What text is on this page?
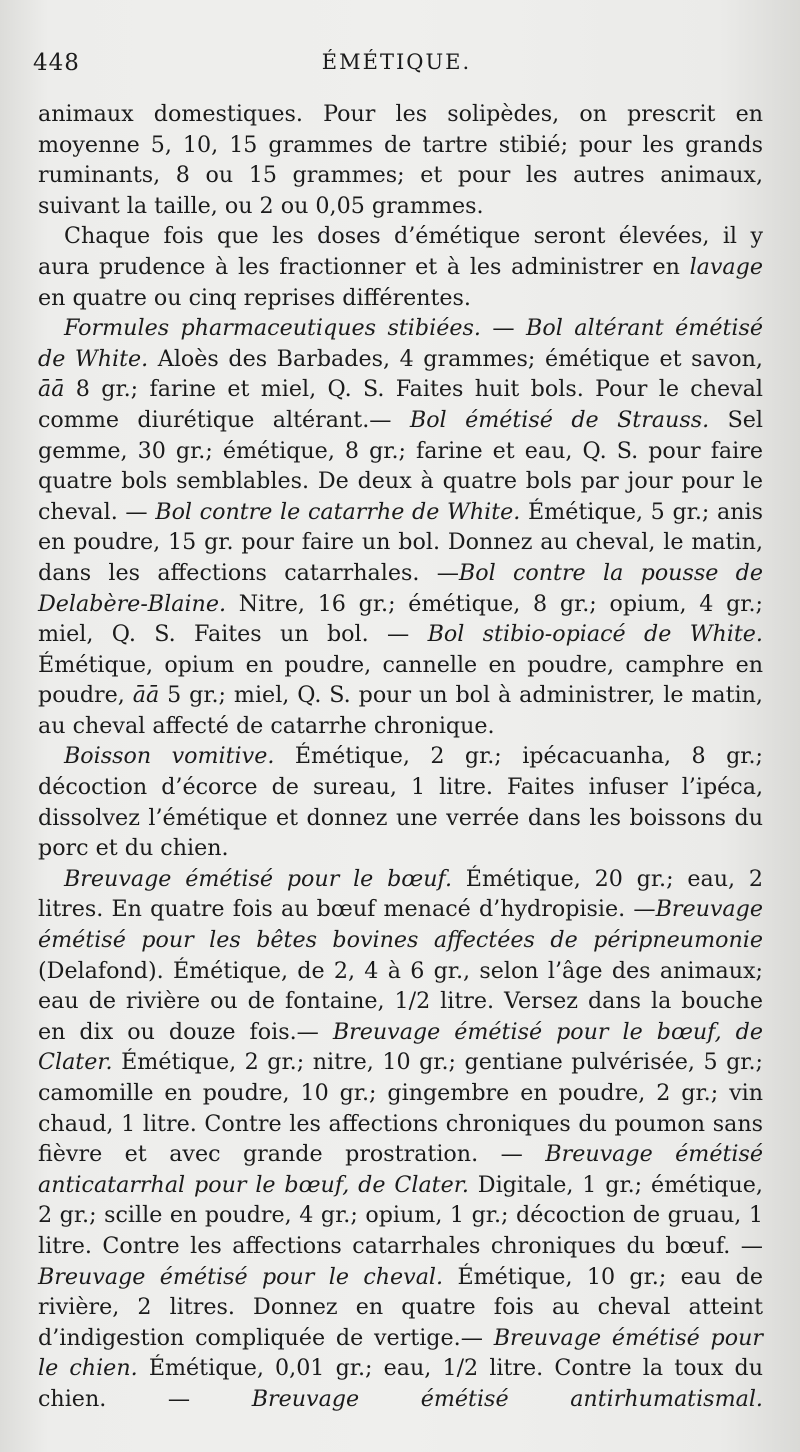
448	ÉMÉTIQUE.

animaux domestiques. Pour les solipèdes, on prescrit en moyenne 5, 10, 15 grammes de tartre stibié; pour les grands ruminants, 8 ou 15 grammes; et pour les autres animaux, suivant la taille, ou 2 ou 0,05 grammes.

Chaque fois que les doses d’émétique seront élevées, il y aura prudence à les fractionner et à les administrer en lavage en quatre ou cinq reprises différentes.

Formules pharmaceutiques stibiées. — Bol altérant émétisé de White. Aloès des Barbades, 4 grammes; émétique et savon, āā 8 gr.; farine et miel, Q. S. Faites huit bols. Pour le cheval comme diurétique altérant.— Bol émétisé de Strauss. Sel gemme, 30 gr.; émétique, 8 gr.; farine et eau, Q. S. pour faire quatre bols semblables. De deux à quatre bols par jour pour le cheval. — Bol contre le catarrhe de White. Émétique, 5 gr.; anis en poudre, 15 gr. pour faire un bol. Donnez au cheval, le matin, dans les affections catarrhales. —Bol contre la pousse de Delabère-Blaine. Nitre, 16 gr.; émétique, 8 gr.; opium, 4 gr.; miel, Q. S. Faites un bol. — Bol stibio-opiacé de White. Émétique, opium en poudre, cannelle en poudre, camphre en poudre, āā 5 gr.; miel, Q. S. pour un bol à administrer, le matin, au cheval affecté de catarrhe chronique.

Boisson vomitive. Émétique, 2 gr.; ipécacuanha, 8 gr.; décoction d’écorce de sureau, 1 litre. Faites infuser l’ipéca, dissolvez l’émétique et donnez une verrée dans les boissons du porc et du chien.

Breuvage émétisé pour le bœuf. Émétique, 20 gr.; eau, 2 litres. En quatre fois au bœuf menacé d’hydropisie. —Breuvage émétisé pour les bêtes bovines affectées de péripneumonie (Delafond). Émétique, de 2, 4 à 6 gr., selon l’âge des animaux; eau de rivière ou de fontaine, 1/2 litre. Versez dans la bouche en dix ou douze fois.— Breuvage émétisé pour le bœuf, de Clater. Émétique, 2 gr.; nitre, 10 gr.; gentiane pulvérisée, 5 gr.; camomille en poudre, 10 gr.; gingembre en poudre, 2 gr.; vin chaud, 1 litre. Contre les affections chroniques du poumon sans fièvre et avec grande prostration. — Breuvage émétisé anticatarrhal pour le bœuf, de Clater. Digitale, 1 gr.; émétique, 2 gr.; scille en poudre, 4 gr.; opium, 1 gr.; décoction de gruau, 1 litre. Contre les affections catarrhales chroniques du bœuf. — Breuvage émétisé pour le cheval. Émétique, 10 gr.; eau de rivière, 2 litres. Donnez en quatre fois au cheval atteint d’indigestion compliquée de vertige.— Breuvage émétisé pour le chien. Émétique, 0,01 gr.; eau, 1/2 litre. Contre la toux du chien. — Breuvage émétisé antirhumatismal.
